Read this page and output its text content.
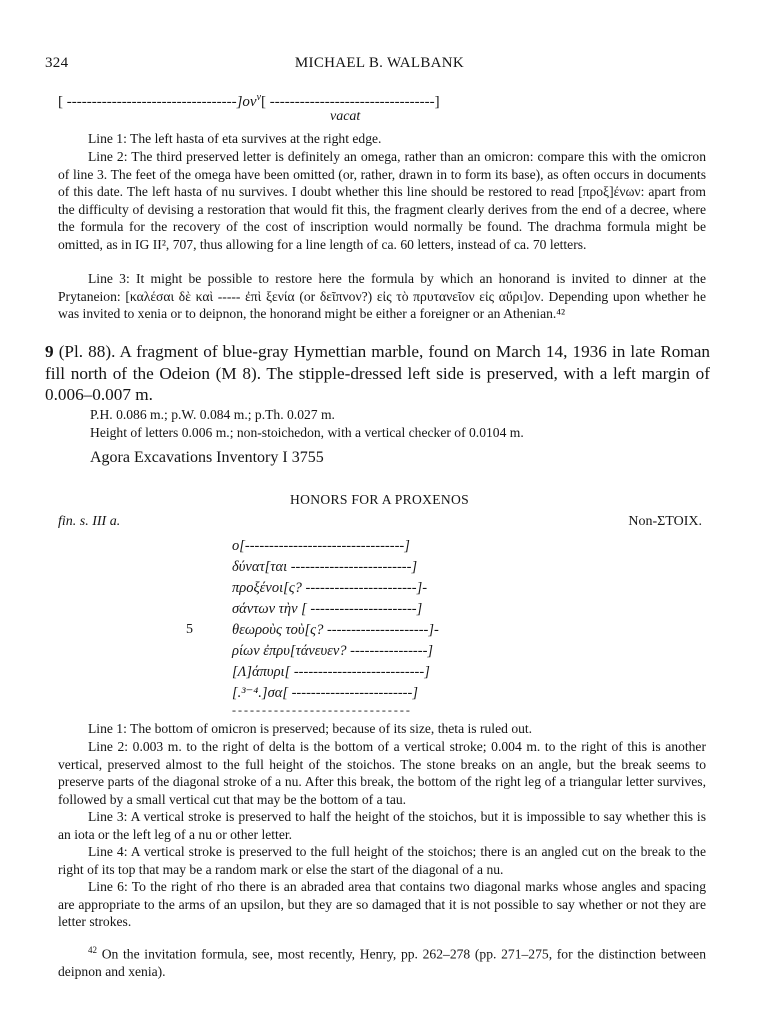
324	MICHAEL B. WALBANK
[ $----------------------------------]o\nu^v$[ ---------------------------------]
vacat
Line 1: The left hasta of eta survives at the right edge.
Line 2: The third preserved letter is definitely an omega, rather than an omicron: compare this with the omicron of line 3. The feet of the omega have been omitted (or, rather, drawn in to form its base), as often occurs in documents of this date. The left hasta of nu survives. I doubt whether this line should be restored to read [προξ]ένων: apart from the difficulty of devising a restoration that would fit this, the fragment clearly derives from the end of a decree, where the formula for the recovery of the cost of inscription would normally be found. The drachma formula might be omitted, as in IG II², 707, thus allowing for a line length of ca. 60 letters, instead of ca. 70 letters.
Line 3: It might be possible to restore here the formula by which an honorand is invited to dinner at the Prytaneion: [καλέσαι δὲ καὶ ----- ἐπὶ ξενία (or δεῖπνον?) εἰς τὸ πρυτανεῖον εἰς αὔρι]ον. Depending upon whether he was invited to xenia or to deipnon, the honorand might be either a foreigner or an Athenian.⁴²
9 (Pl. 88). A fragment of blue-gray Hymettian marble, found on March 14, 1936 in late Roman fill north of the Odeion (M 8). The stipple-dressed left side is preserved, with a left margin of 0.006–0.007 m.
P.H. 0.086 m.; p.W. 0.084 m.; p.Th. 0.027 m.
Height of letters 0.006 m.; non-stoichedon, with a vertical checker of 0.0104 m.
Agora Excavations Inventory I 3755
HONORS FOR A PROXENOS
fin. s. III a.	Non-ΣΤΟΙΧ.
ο[---------------------------------]
δύνατ[ται -------------------------]
προξένοι[ς? -----------------------]-
σάντων τὴν [ ----------------------]
5	θεωροὺς τοὺ[ς? ---------------------]-
ρίων ἐπρυ[τάνευεν? ----------------]
[Λ]άπυρι[ ---------------------------]
[.³⁻⁴.]σα[ -------------------------]
- - - - - - - - - - - - - - - - - - - - - - - - - - - - - -
Line 1: The bottom of omicron is preserved; because of its size, theta is ruled out.
Line 2: 0.003 m. to the right of delta is the bottom of a vertical stroke; 0.004 m. to the right of this is another vertical, preserved almost to the full height of the stoichos. The stone breaks on an angle, but the break seems to preserve parts of the diagonal stroke of a nu. After this break, the bottom of the right leg of a triangular letter survives, followed by a small vertical cut that may be the bottom of a tau.
Line 3: A vertical stroke is preserved to half the height of the stoichos, but it is impossible to say whether this is an iota or the left leg of a nu or other letter.
Line 4: A vertical stroke is preserved to the full height of the stoichos; there is an angled cut on the break to the right of its top that may be a random mark or else the start of the diagonal of a nu.
Line 6: To the right of rho there is an abraded area that contains two diagonal marks whose angles and spacing are appropriate to the arms of an upsilon, but they are so damaged that it is not possible to say whether or not they are letter strokes.
$^{42}$ On the invitation formula, see, most recently, Henry, pp. 262–278 (pp. 271–275, for the distinction between deipnon and xenia).
